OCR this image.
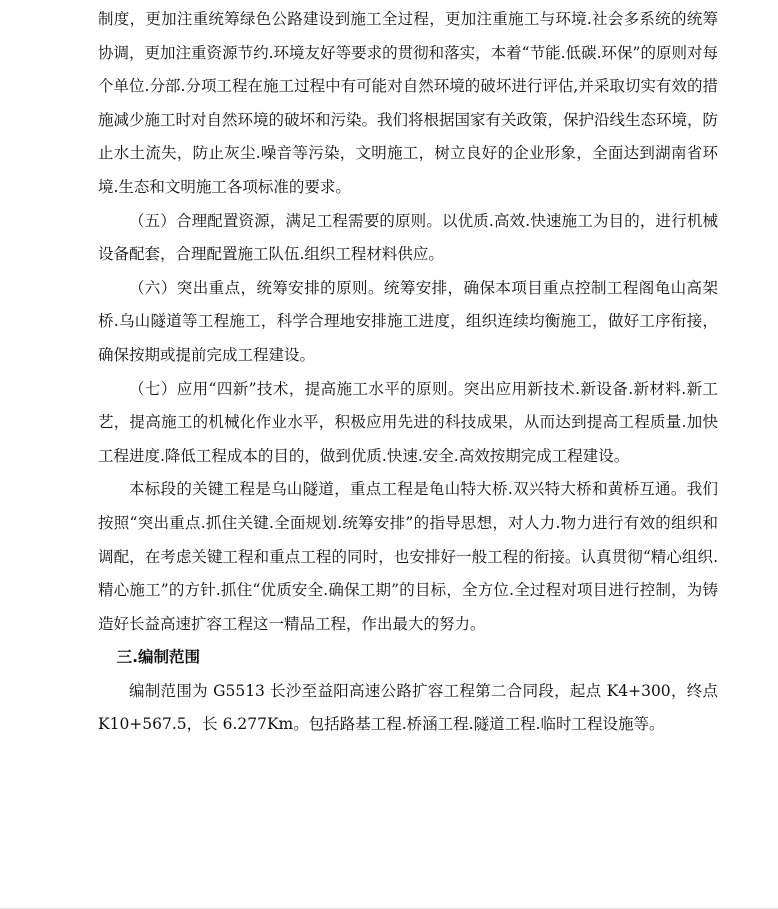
制度，更加注重统筹绿色公路建设到施工全过程，更加注重施工与环境.社会多系统的统筹协调，更加注重资源节约.环境友好等要求的贯彻和落实，本着“节能.低碳.环保”的原则对每个单位.分部.分项工程在施工过程中有可能对自然环境的破坏进行评估,并采取切实有效的措施减少施工时对自然环境的破坏和污染。我们将根据国家有关政策，保护沿线生态环境，防止水土流失，防止灰尘.噪音等污染，文明施工，树立良好的企业形象，全面达到湖南省环境.生态和文明施工各项标准的要求。

（五）合理配置资源，满足工程需要的原则。以优质.高效.快速施工为目的，进行机械设备配套，合理配置施工队伍.组织工程材料供应。

（六）突出重点，统筹安排的原则。统筹安排，确保本项目重点控制工程阁龟山高架桥.乌山隧道等工程施工，科学合理地安排施工进度，组织连续均衡施工，做好工序衔接，确保按期或提前完成工程建设。

（七）应用“四新”技术，提高施工水平的原则。突出应用新技术.新设备.新材料.新工艺，提高施工的机械化作业水平，积极应用先进的科技成果，从而达到提高工程质量.加快工程进度.降低工程成本的目的，做到优质.快速.安全.高效按期完成工程建设。

本标段的关键工程是乌山隧道，重点工程是龟山特大桥.双兴特大桥和黄桥互通。我们按照“突出重点.抓住关键.全面规划.统筹安排”的指导思想，对人力.物力进行有效的组织和调配，在考虑关键工程和重点工程的同时，也安排好一般工程的衔接。认真贯彻“精心组织.精心施工”的方针.抓住“优质安全.确保工期”的目标，全方位.全过程对项目进行控制，为铸造好长益高速扩容工程这一精品工程，作出最大的努力。

三.编制范围

编制范围为 G5513 长沙至益阳高速公路扩容工程第二合同段，起点 K4+300，终点 K10+567.5，长 6.277Km。包括路基工程.桥涵工程.隧道工程.临时工程设施等。
